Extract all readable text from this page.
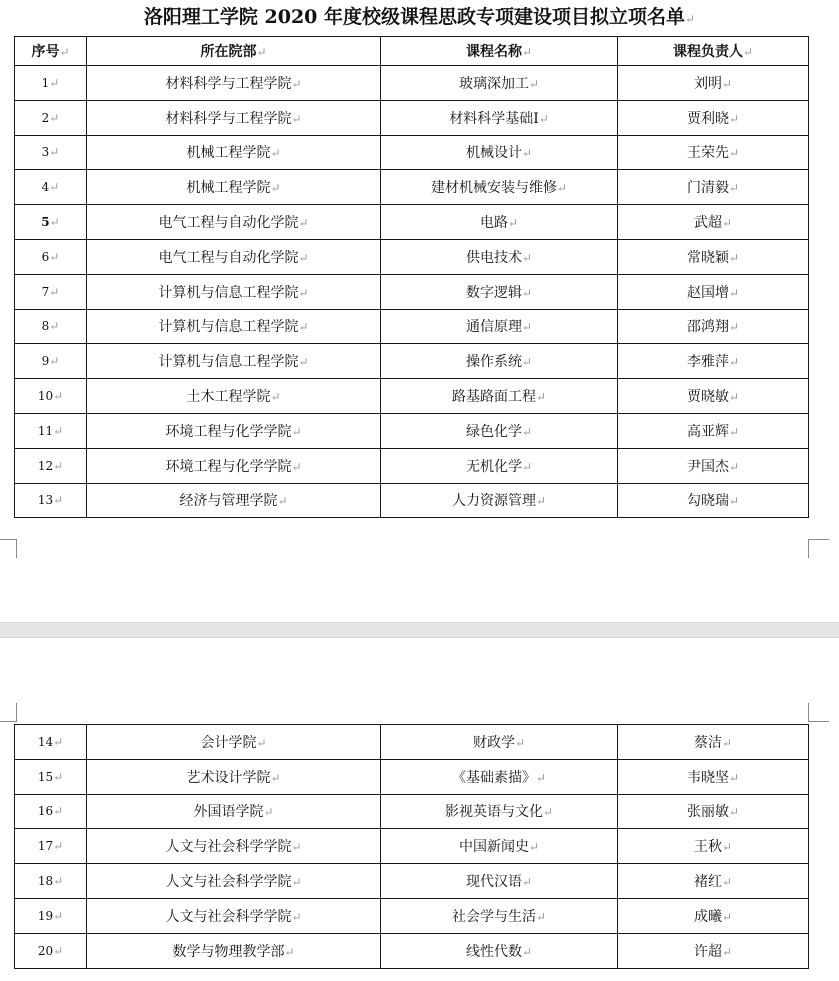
洛阳理工学院 2020 年度校级课程思政专项建设项目拟立项名单↵
序号↵	所在院部↵	课程名称↵	课程负责人↵
1↵	材料科学与工程学院↵	玻璃深加工↵	刘明↵
2↵	材料科学与工程学院↵	材料科学基础Ⅰ↵	贾利晓↵
3↵	机械工程学院↵	机械设计↵	王荣先↵
4↵	机械工程学院↵	建材机械安装与维修↵	门清毅↵
5↵	电气工程与自动化学院↵	电路↵	武超↵
6↵	电气工程与自动化学院↵	供电技术↵	常晓颖↵
7↵	计算机与信息工程学院↵	数字逻辑↵	赵国增↵
8↵	计算机与信息工程学院↵	通信原理↵	邵鸿翔↵
9↵	计算机与信息工程学院↵	操作系统↵	李雅萍↵
10↵	土木工程学院↵	路基路面工程↵	贾晓敏↵
11↵	环境工程与化学学院↵	绿色化学↵	高亚辉↵
12↵	环境工程与化学学院↵	无机化学↵	尹国杰↵
13↵	经济与管理学院↵	人力资源管理↵	勾晓瑞↵
14↵	会计学院↵	财政学↵	蔡洁↵
15↵	艺术设计学院↵	《基础素描》↵	韦晓坚↵
16↵	外国语学院↵	影视英语与文化↵	张丽敏↵
17↵	人文与社会科学学院↵	中国新闻史↵	王秋↵
18↵	人文与社会科学学院↵	现代汉语↵	褚红↵
19↵	人文与社会科学学院↵	社会学与生活↵	成曦↵
20↵	数学与物理教学部↵	线性代数↵	许超↵
